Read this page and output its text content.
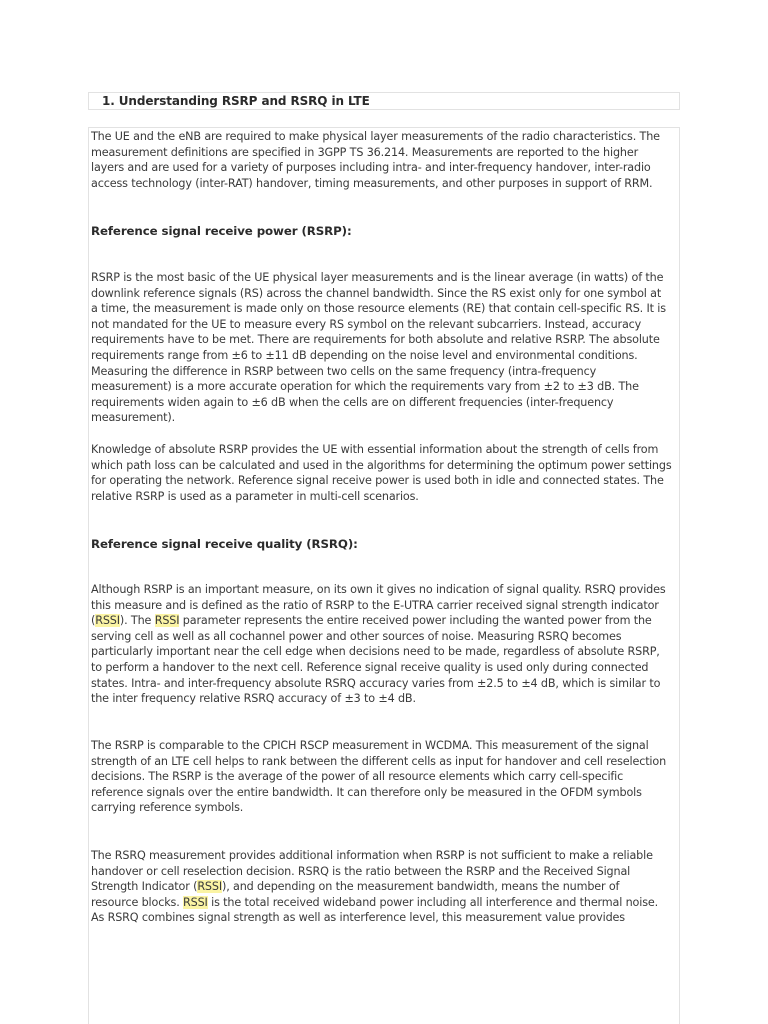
1. Understanding RSRP and RSRQ in LTE
The UE and the eNB are required to make physical layer measurements of the radio characteristics. The
measurement definitions are specified in 3GPP TS 36.214. Measurements are reported to the higher
layers and are used for a variety of purposes including intra- and inter-frequency handover, inter-radio
access technology (inter-RAT) handover, timing measurements, and other purposes in support of RRM.
Reference signal receive power (RSRP):
RSRP is the most basic of the UE physical layer measurements and is the linear average (in watts) of the
downlink reference signals (RS) across the channel bandwidth. Since the RS exist only for one symbol at
a time, the measurement is made only on those resource elements (RE) that contain cell-specific RS. It is
not mandated for the UE to measure every RS symbol on the relevant subcarriers. Instead, accuracy
requirements have to be met. There are requirements for both absolute and relative RSRP. The absolute
requirements range from ±6 to ±11 dB depending on the noise level and environmental conditions.
Measuring the difference in RSRP between two cells on the same frequency (intra-frequency
measurement) is a more accurate operation for which the requirements vary from ±2 to ±3 dB. The
requirements widen again to ±6 dB when the cells are on different frequencies (inter-frequency
measurement).
Knowledge of absolute RSRP provides the UE with essential information about the strength of cells from
which path loss can be calculated and used in the algorithms for determining the optimum power settings
for operating the network. Reference signal receive power is used both in idle and connected states. The
relative RSRP is used as a parameter in multi-cell scenarios.
Reference signal receive quality (RSRQ):
Although RSRP is an important measure, on its own it gives no indication of signal quality. RSRQ provides
this measure and is defined as the ratio of RSRP to the E-UTRA carrier received signal strength indicator
(RSSI). The RSSI parameter represents the entire received power including the wanted power from the
serving cell as well as all cochannel power and other sources of noise. Measuring RSRQ becomes
particularly important near the cell edge when decisions need to be made, regardless of absolute RSRP,
to perform a handover to the next cell. Reference signal receive quality is used only during connected
states. Intra- and inter-frequency absolute RSRQ accuracy varies from ±2.5 to ±4 dB, which is similar to
the inter frequency relative RSRQ accuracy of ±3 to ±4 dB.
The RSRP is comparable to the CPICH RSCP measurement in WCDMA. This measurement of the signal
strength of an LTE cell helps to rank between the different cells as input for handover and cell reselection
decisions. The RSRP is the average of the power of all resource elements which carry cell-specific
reference signals over the entire bandwidth. It can therefore only be measured in the OFDM symbols
carrying reference symbols.
The RSRQ measurement provides additional information when RSRP is not sufficient to make a reliable
handover or cell reselection decision. RSRQ is the ratio between the RSRP and the Received Signal
Strength Indicator (RSSI), and depending on the measurement bandwidth, means the number of
resource blocks. RSSI is the total received wideband power including all interference and thermal noise.
As RSRQ combines signal strength as well as interference level, this measurement value provides
